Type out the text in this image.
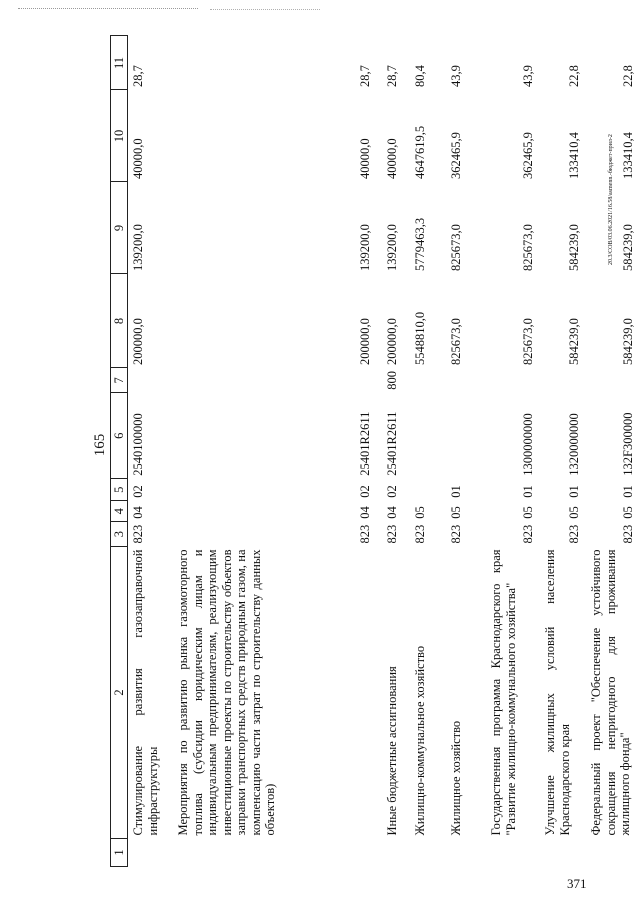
371
165
1	2	3	4	5	6	7	8	9	10	11
	Стимулирование развития газозаправочной инфраструктуры	823	04	02	2540100000		200000,0	139200,0	40000,0	28,7
	Мероприятия по развитию рынка газомоторного топлива (субсидии юридическим лицам и индивидуальным предпринимателям, реализующим инвестиционные проекты по строительству объектов заправки транспортных средств природным газом, на компенсацию части затрат по строительству данных объектов)	823	04	02	25401R2611		200000,0	139200,0	40000,0	28,7
	Иные бюджетные ассигнования	823	04	02	25401R2611	800	200000,0	139200,0	40000,0	28,7
	Жилищно-коммунальное хозяйство	823	05				5548810,0	5779463,3	4647619,5	80,4
	Жилищное хозяйство	823	05	01			825673,0	825673,0	362465,9	43,9
	Государственная программа Краснодарского края "Развитие жилищно-коммунального хозяйства"	823	05	01	1300000000		825673,0	825673,0	362465,9	43,9
	Улучшение жилищных условий населения Краснодарского края	823	05	01	1320000000		584239,0	584239,0	133410,4	22,8
	Федеральный проект "Обеспечение устойчивого сокращения непригодного для проживания жилищного фонда"	823	05	01	132F300000		584239,0	584239,0	133410,4	22,8
20.3/СОВ/03.06.2021/16.58/asmenn.-бюджет-прил-2
